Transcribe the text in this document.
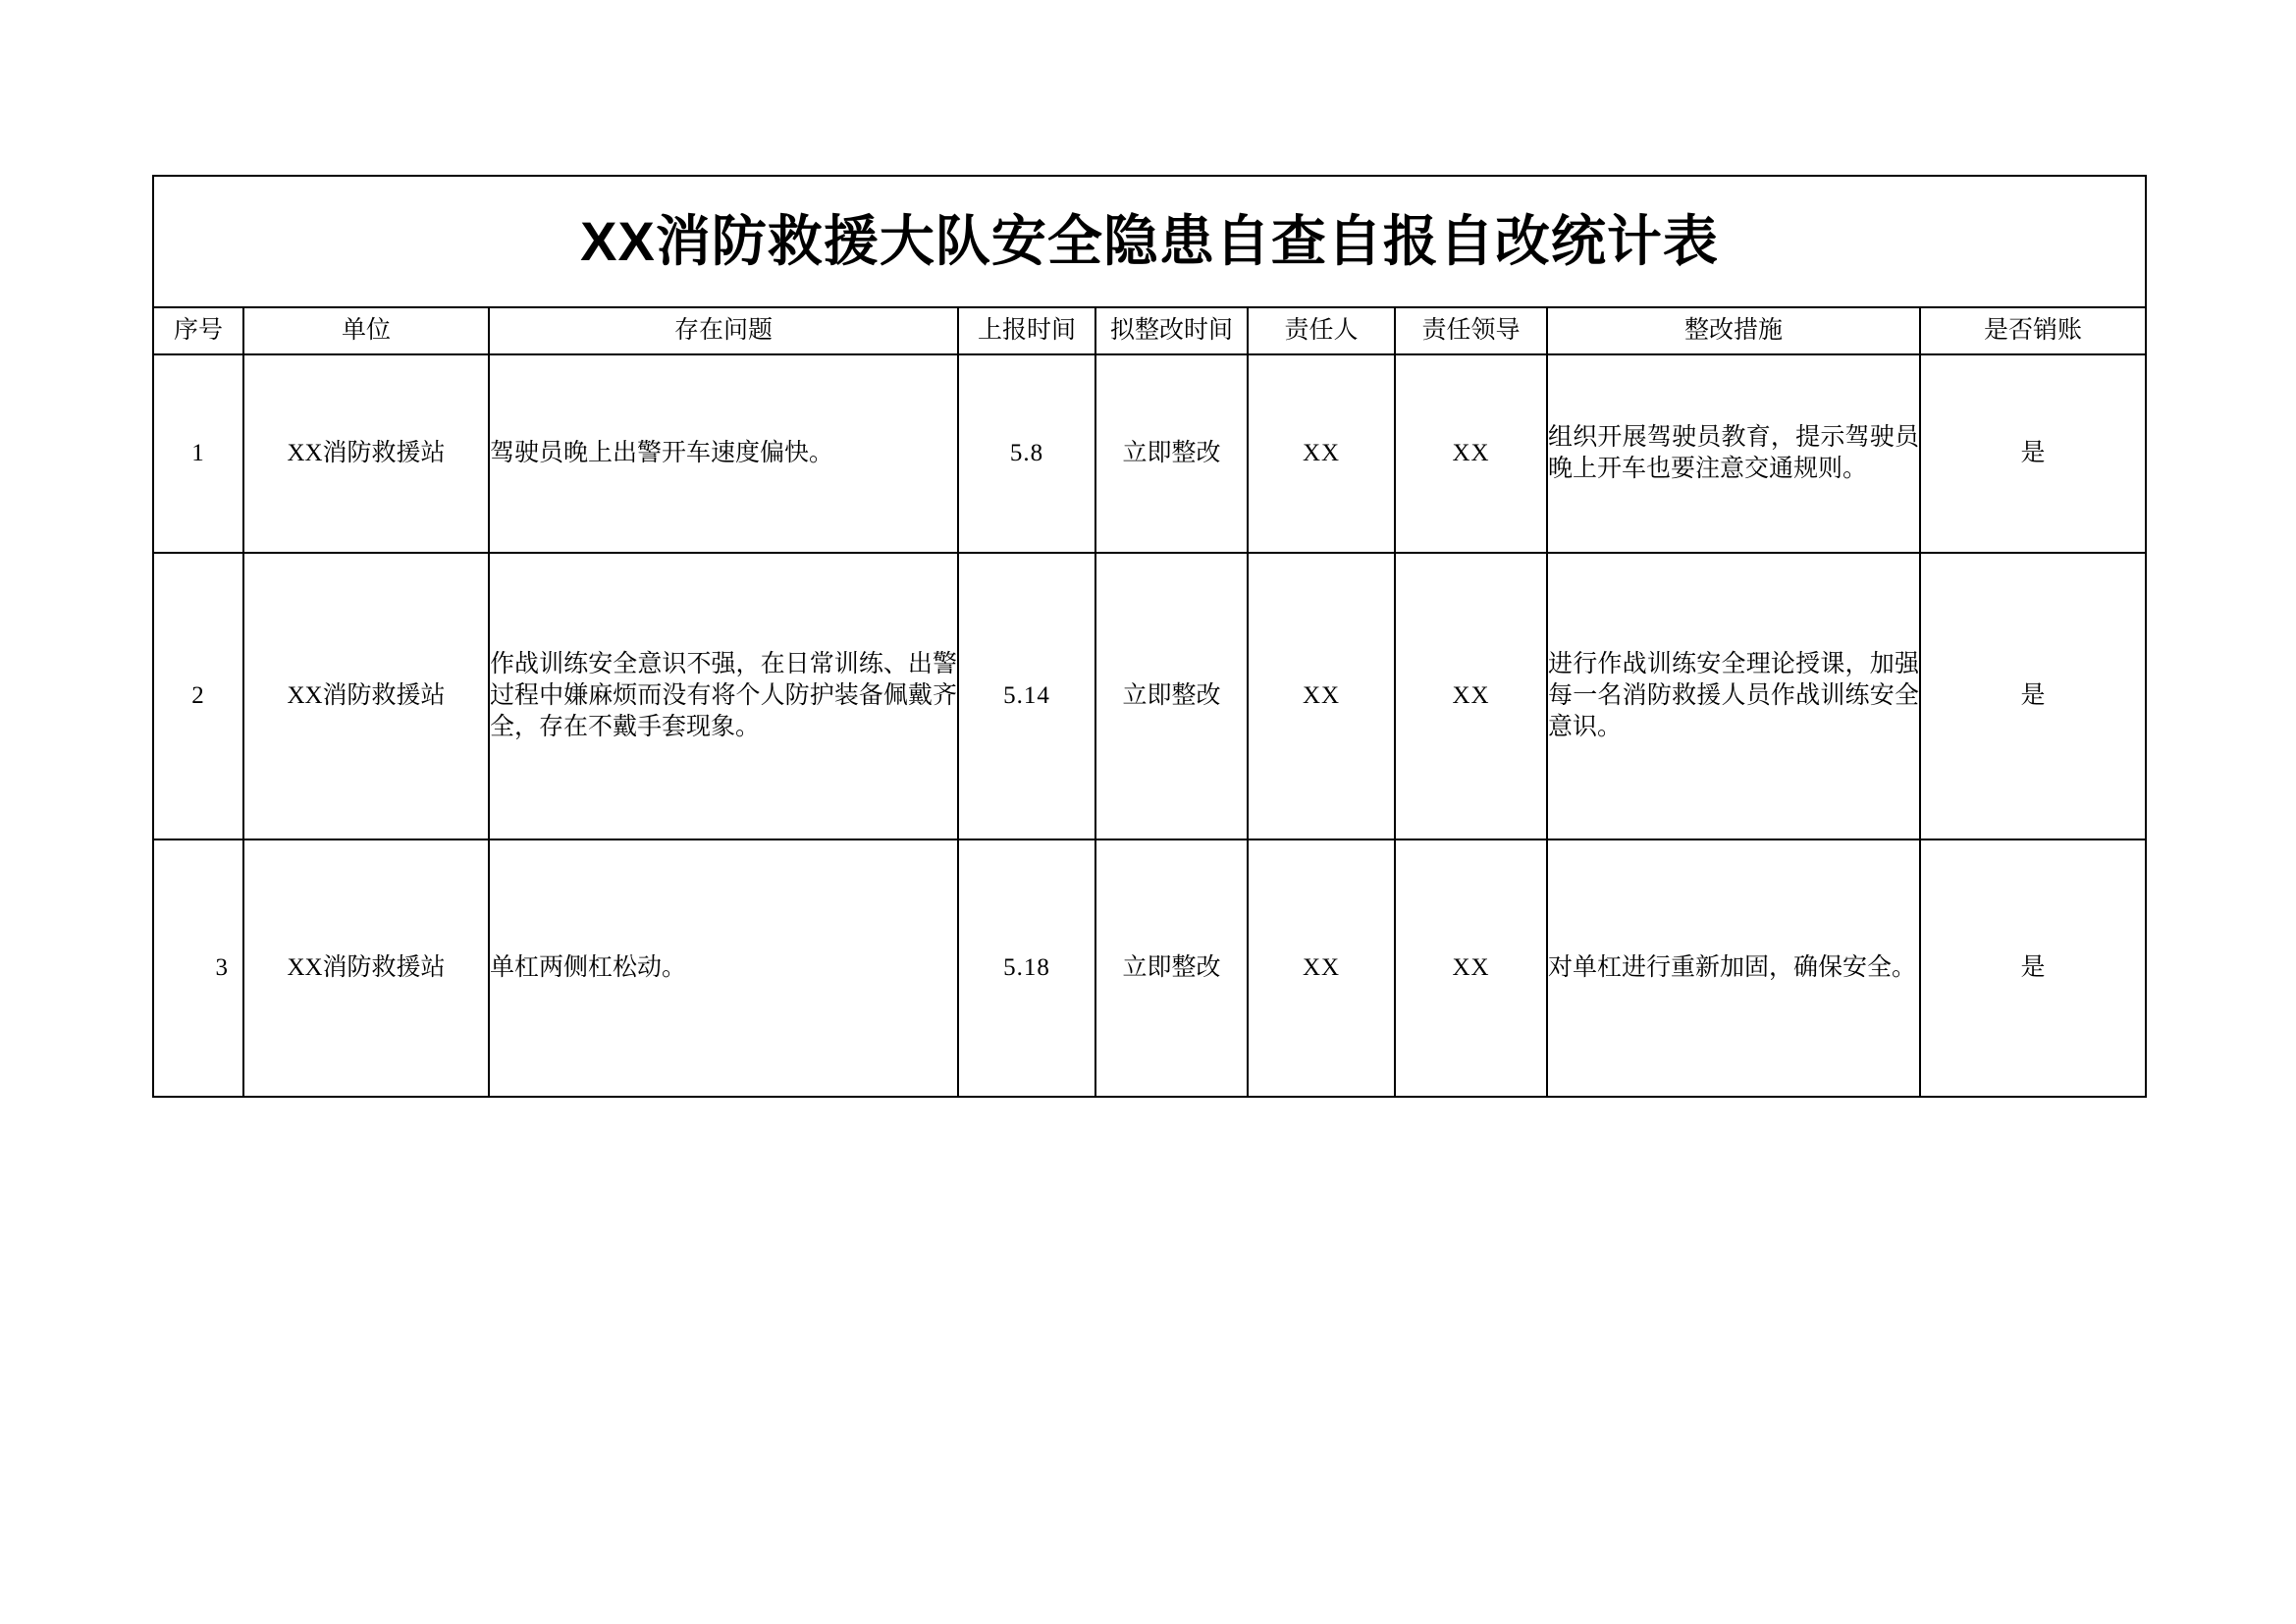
XX消防救援大队安全隐患自查自报自改统计表								
序号	单位	存在问题	上报时间	拟整改时间	责任人	责任领导	整改措施	是否销账
1	XX消防救援站	驾驶员晚上出警开车速度偏快。	5.8	立即整改	XX	XX	组织开展驾驶员教育，提示驾驶员晚上开车也要注意交通规则。	是
2	XX消防救援站	作战训练安全意识不强，在日常训练、出警过程中嫌麻烦而没有将个人防护装备佩戴齐全，存在不戴手套现象。	5.14	立即整改	XX	XX	进行作战训练安全理论授课，加强每一名消防救援人员作战训练安全意识。	是
3	XX消防救援站	单杠两侧杠松动。	5.18	立即整改	XX	XX	对单杠进行重新加固，确保安全。	是
